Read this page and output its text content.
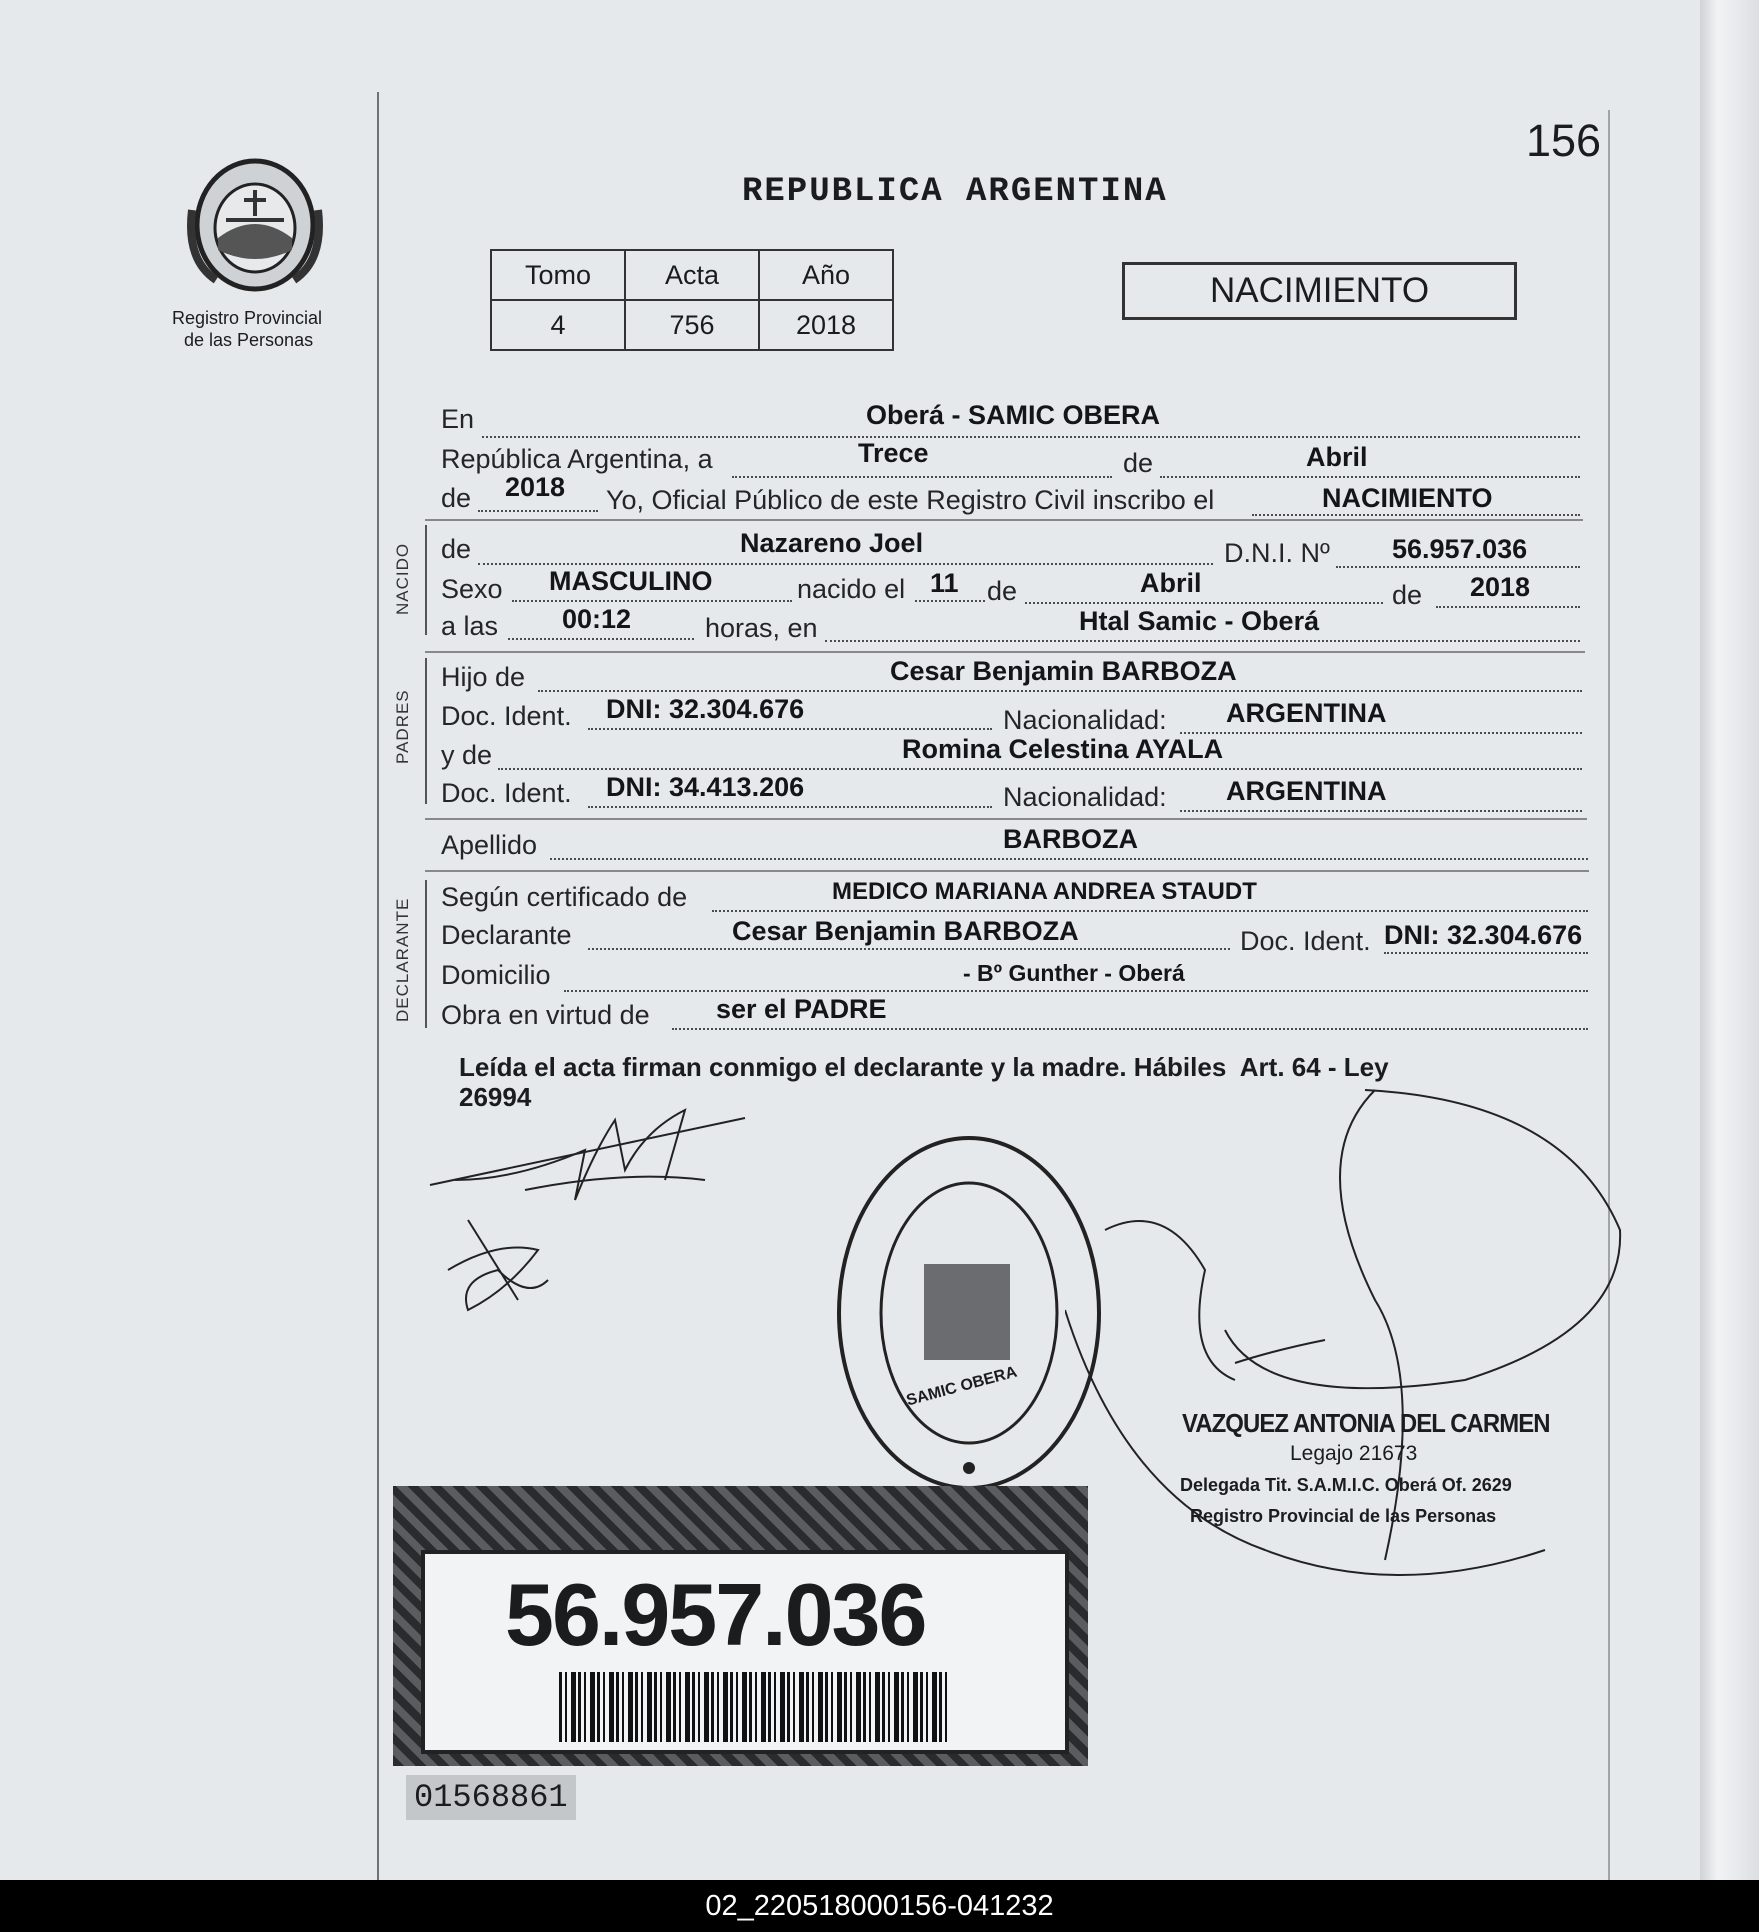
156
Registro Provincial
de las Personas
REPUBLICA ARGENTINA
Tomo	Acta	Año
4	756	2018
NACIMIENTO
En	Oberá - SAMIC OBERA
República Argentina, a	Trece	de	Abril
de 2018 Yo, Oficial Público de este Registro Civil inscribo el	NACIMIENTO
NACIDO de	Nazareno Joel	D.N.I. Nº 56.957.036
Sexo MASCULINO	nacido el 11 de	Abril	de 2018
a las 00:12	horas, en	Htal Samic - Oberá
PADRES
Hijo de	Cesar Benjamin BARBOZA
Doc. Ident. DNI: 32.304.676	Nacionalidad: ARGENTINA
y de	Romina Celestina AYALA
Doc. Ident. DNI: 34.413.206	Nacionalidad: ARGENTINA
Apellido	BARBOZA
DECLARANTE
Según certificado de	MEDICO MARIANA ANDREA STAUDT
Declarante	Cesar Benjamin BARBOZA	Doc. Ident. DNI: 32.304.676
Domicilio	- Bº Gunther - Oberá
Obra en virtud de ser el PADRE
Leída el acta firman conmigo el declarante y la madre. Hábiles  Art. 64 - Ley
26994
SAMIC OBERA
VAZQUEZ ANTONIA DEL CARMEN
Legajo 21673
Delegada Tit. S.A.M.I.C. Oberá Of. 2629
Registro Provincial de las Personas
56.957.036
01568861
02_220518000156-041232
